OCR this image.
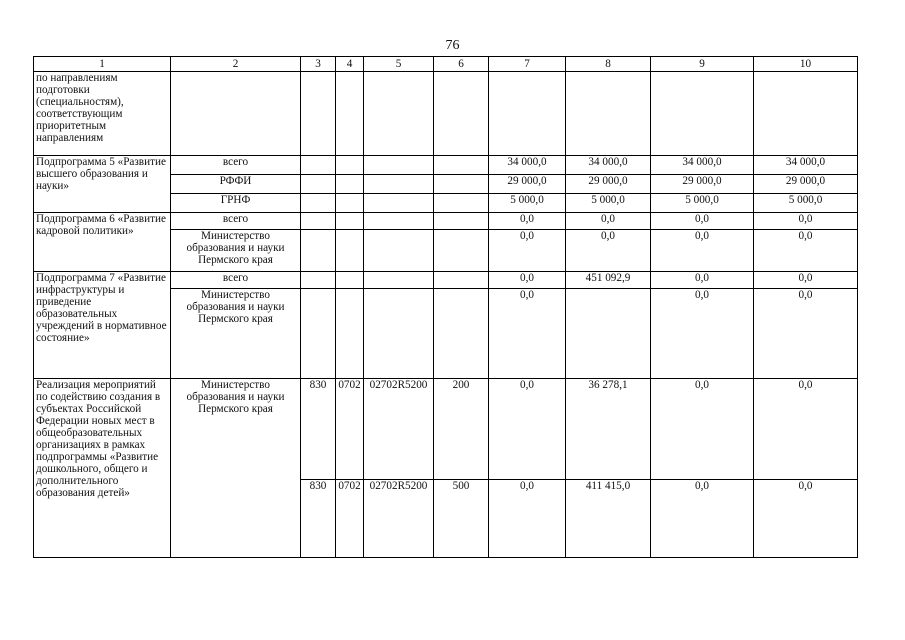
76
1	2	3	4	5	6	7	8	9	10
по направлениям подготовки (специальностям), соответствующим приоритетным направлениям									
Подпрограмма 5 «Развитие высшего образования и науки»	всего					34 000,0	34 000,0	34 000,0	34 000,0
	РФФИ					29 000,0	29 000,0	29 000,0	29 000,0
	ГРНФ					5 000,0	5 000,0	5 000,0	5 000,0
Подпрограмма 6 «Развитие кадровой политики»	всего					0,0	0,0	0,0	0,0
	Министерство образования и науки Пермского края					0,0	0,0	0,0	0,0
Подпрограмма 7 «Развитие инфраструктуры и приведение образовательных учреждений в нормативное состояние»	всего					0,0	451 092,9	0,0	0,0
	Министерство образования и науки Пермского края					0,0		0,0	0,0
Реализация мероприятий по содействию создания в субъектах Российской Федерации новых мест в общеобразовательных организациях в рамках подпрограммы «Развитие дошкольного, общего и дополнительного образования детей»	Министерство образования и науки Пермского края	830	0702	02702R5200	200	0,0	36 278,1	0,0	0,0
		830	0702	02702R5200	500	0,0	411 415,0	0,0	0,0
